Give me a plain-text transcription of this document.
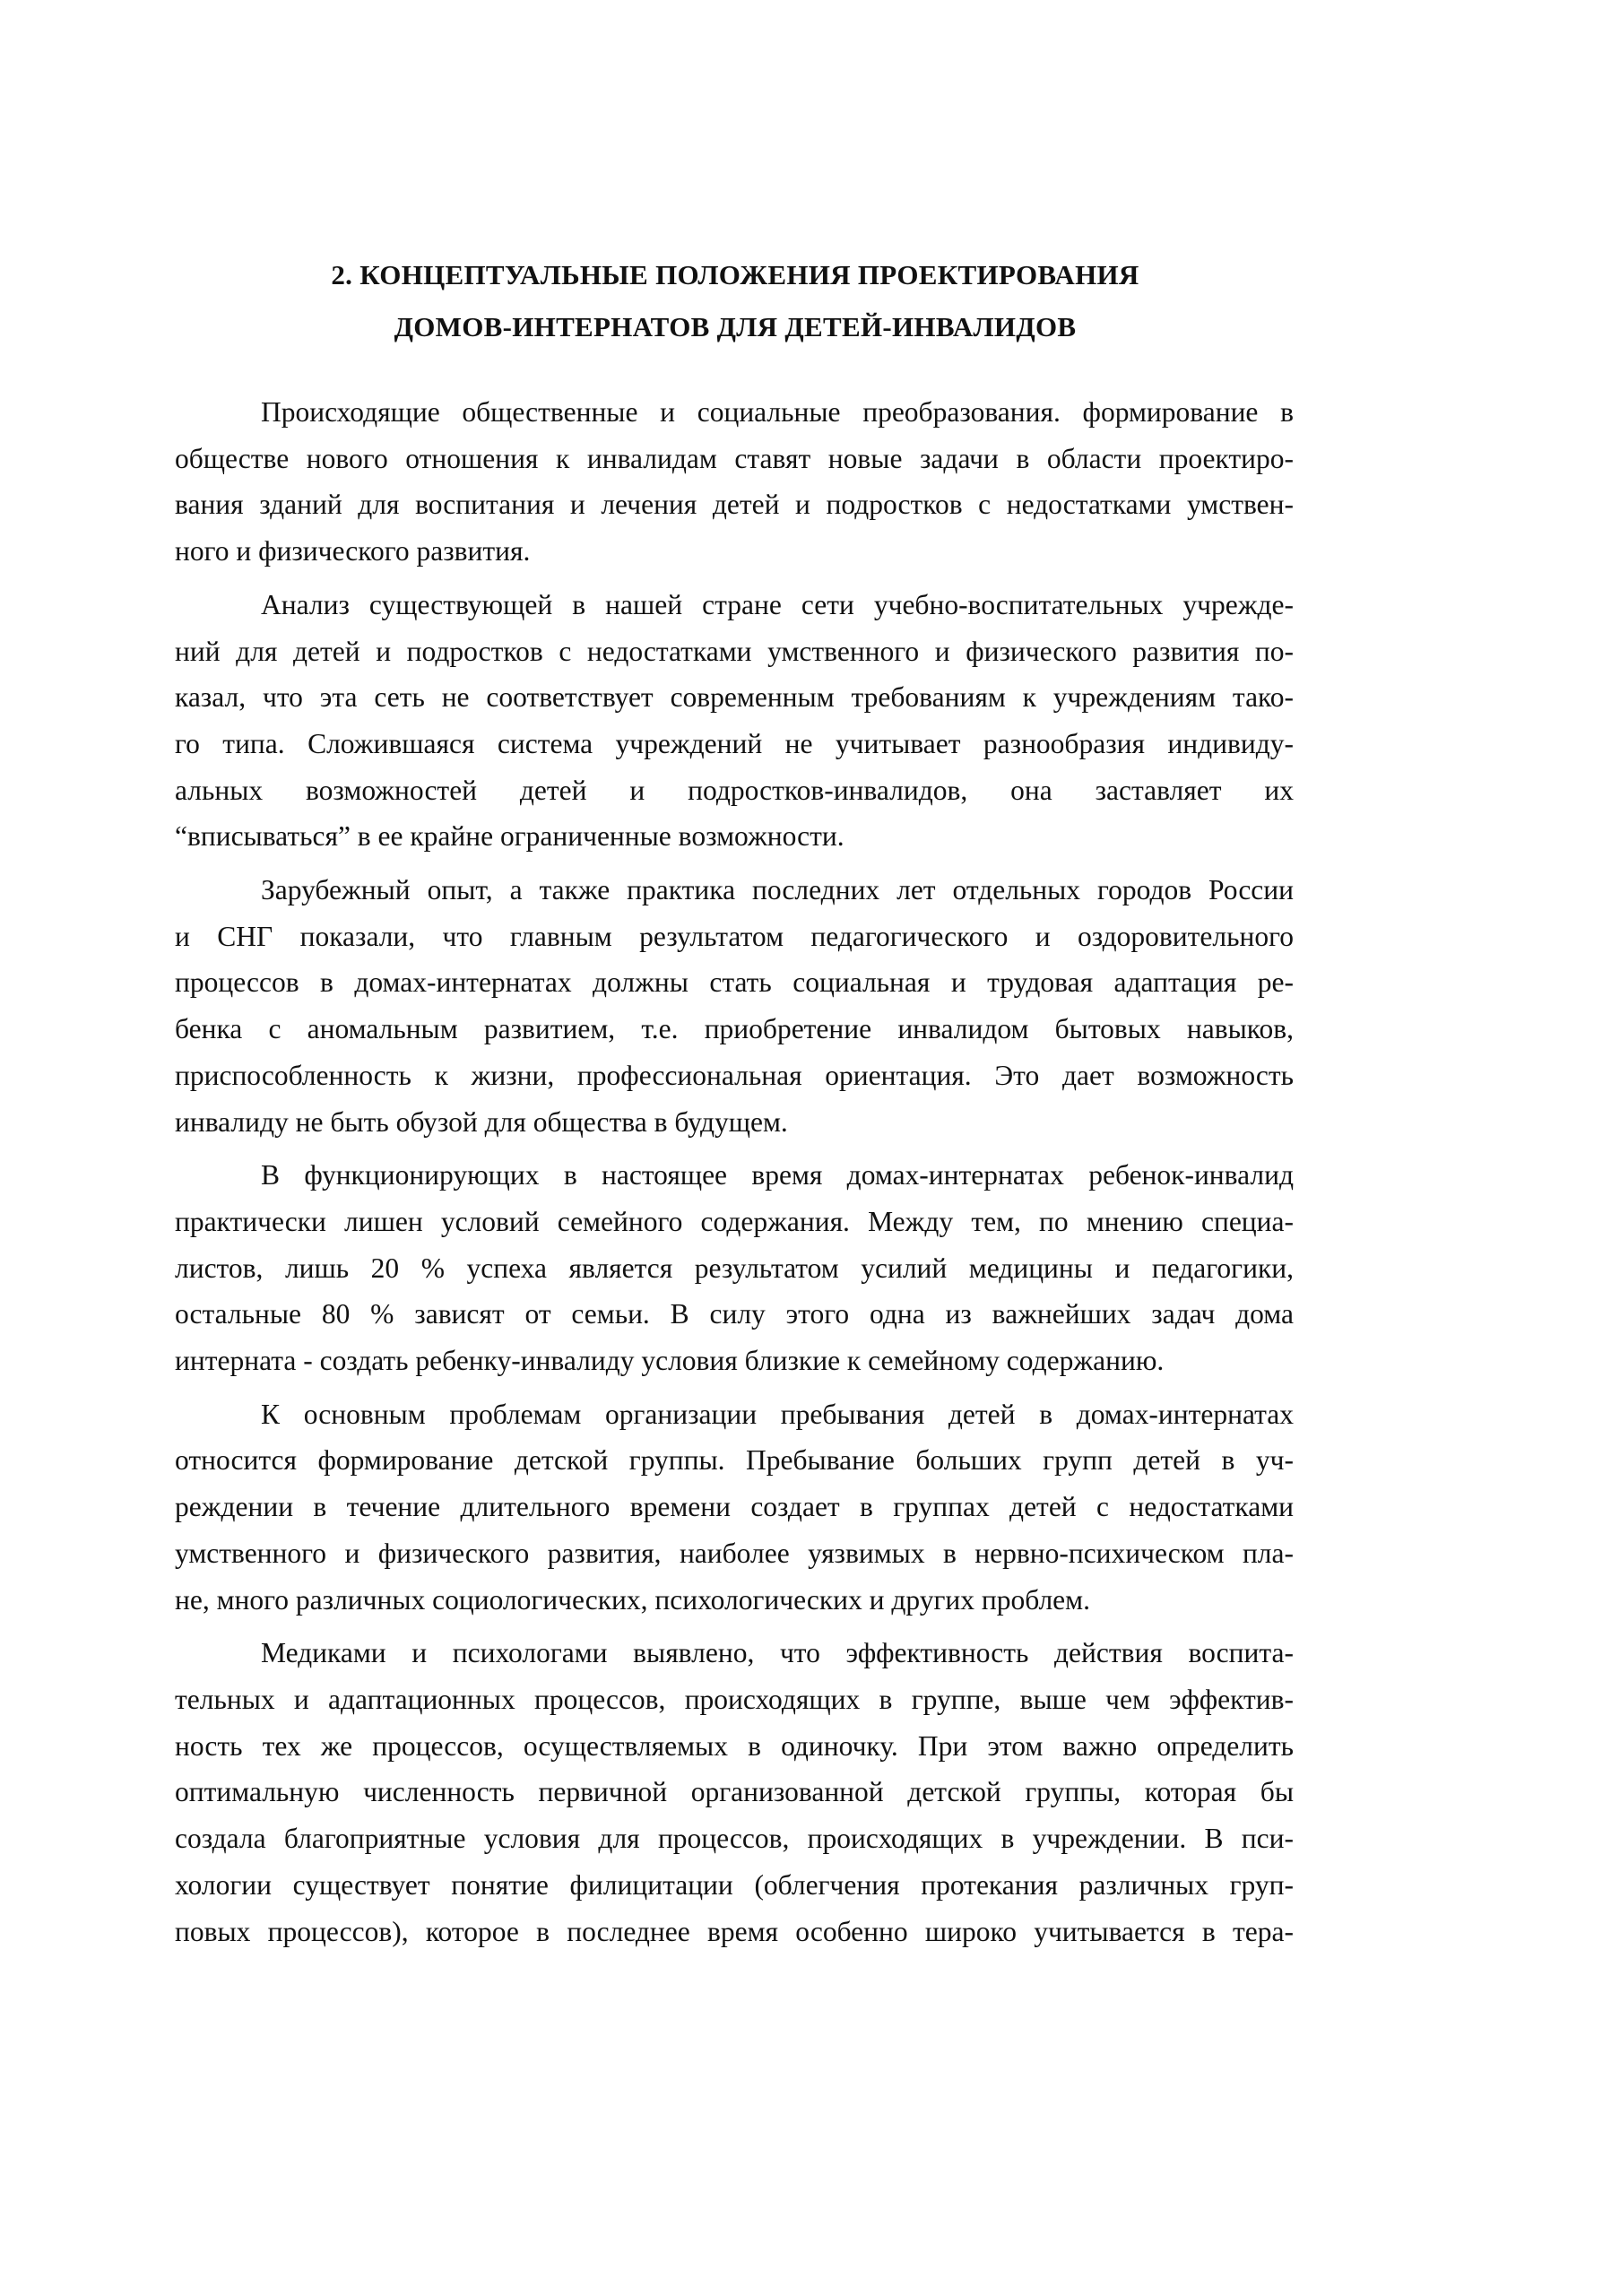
2. КОНЦЕПТУАЛЬНЫЕ ПОЛОЖЕНИЯ ПРОЕКТИРОВАНИЯ
ДОМОВ-ИНТЕРНАТОВ ДЛЯ ДЕТЕЙ-ИНВАЛИДОВ

Происходящие общественные и социальные преобразования. формирование в
обществе нового отношения к инвалидам ставят новые задачи в области проектиро-
вания зданий для воспитания и лечения детей и подростков с недостатками умствен-
ного и физического развития.

Анализ существующей в нашей стране сети учебно-воспитательных учрежде-
ний для детей и подростков с недостатками умственного и физического развития по-
казал, что эта сеть не соответствует современным требованиям к учреждениям тако-
го типа. Сложившаяся система учреждений не учитывает разнообразия индивиду-
альных возможностей детей и подростков-инвалидов, она заставляет их
“вписываться” в ее крайне ограниченные возможности.

Зарубежный опыт, а также практика последних лет отдельных городов России
и СНГ показали, что главным результатом педагогического и оздоровительного
процессов в домах-интернатах должны стать социальная и трудовая адаптация ре-
бенка с аномальным развитием, т.е. приобретение инвалидом бытовых навыков,
приспособленность к жизни, профессиональная ориентация. Это дает возможность
инвалиду не быть обузой для общества в будущем.

В функционирующих в настоящее время домах-интернатах ребенок-инвалид
практически лишен условий семейного содержания. Между тем, по мнению специа-
листов, лишь 20 % успеха является результатом усилий медицины и педагогики,
остальные 80 % зависят от семьи. В силу этого одна из важнейших задач дома
интерната - создать ребенку-инвалиду условия близкие к семейному содержанию.

К основным проблемам организации пребывания детей в домах-интернатах
относится формирование детской группы. Пребывание больших групп детей в уч-
реждении в течение длительного времени создает в группах детей с недостатками
умственного и физического развития, наиболее уязвимых в нервно-психическом пла-
не, много различных социологических, психологических и других проблем.

Медиками и психологами выявлено, что эффективность действия воспита-
тельных и адаптационных процессов, происходящих в группе, выше чем эффектив-
ность тех же процессов, осуществляемых в одиночку. При этом важно определить
оптимальную численность первичной организованной детской группы, которая бы
создала благоприятные условия для процессов, происходящих в учреждении. В пси-
хологии существует понятие филицитации (облегчения протекания различных груп-
повых процессов), которое в последнее время особенно широко учитывается в тера-
